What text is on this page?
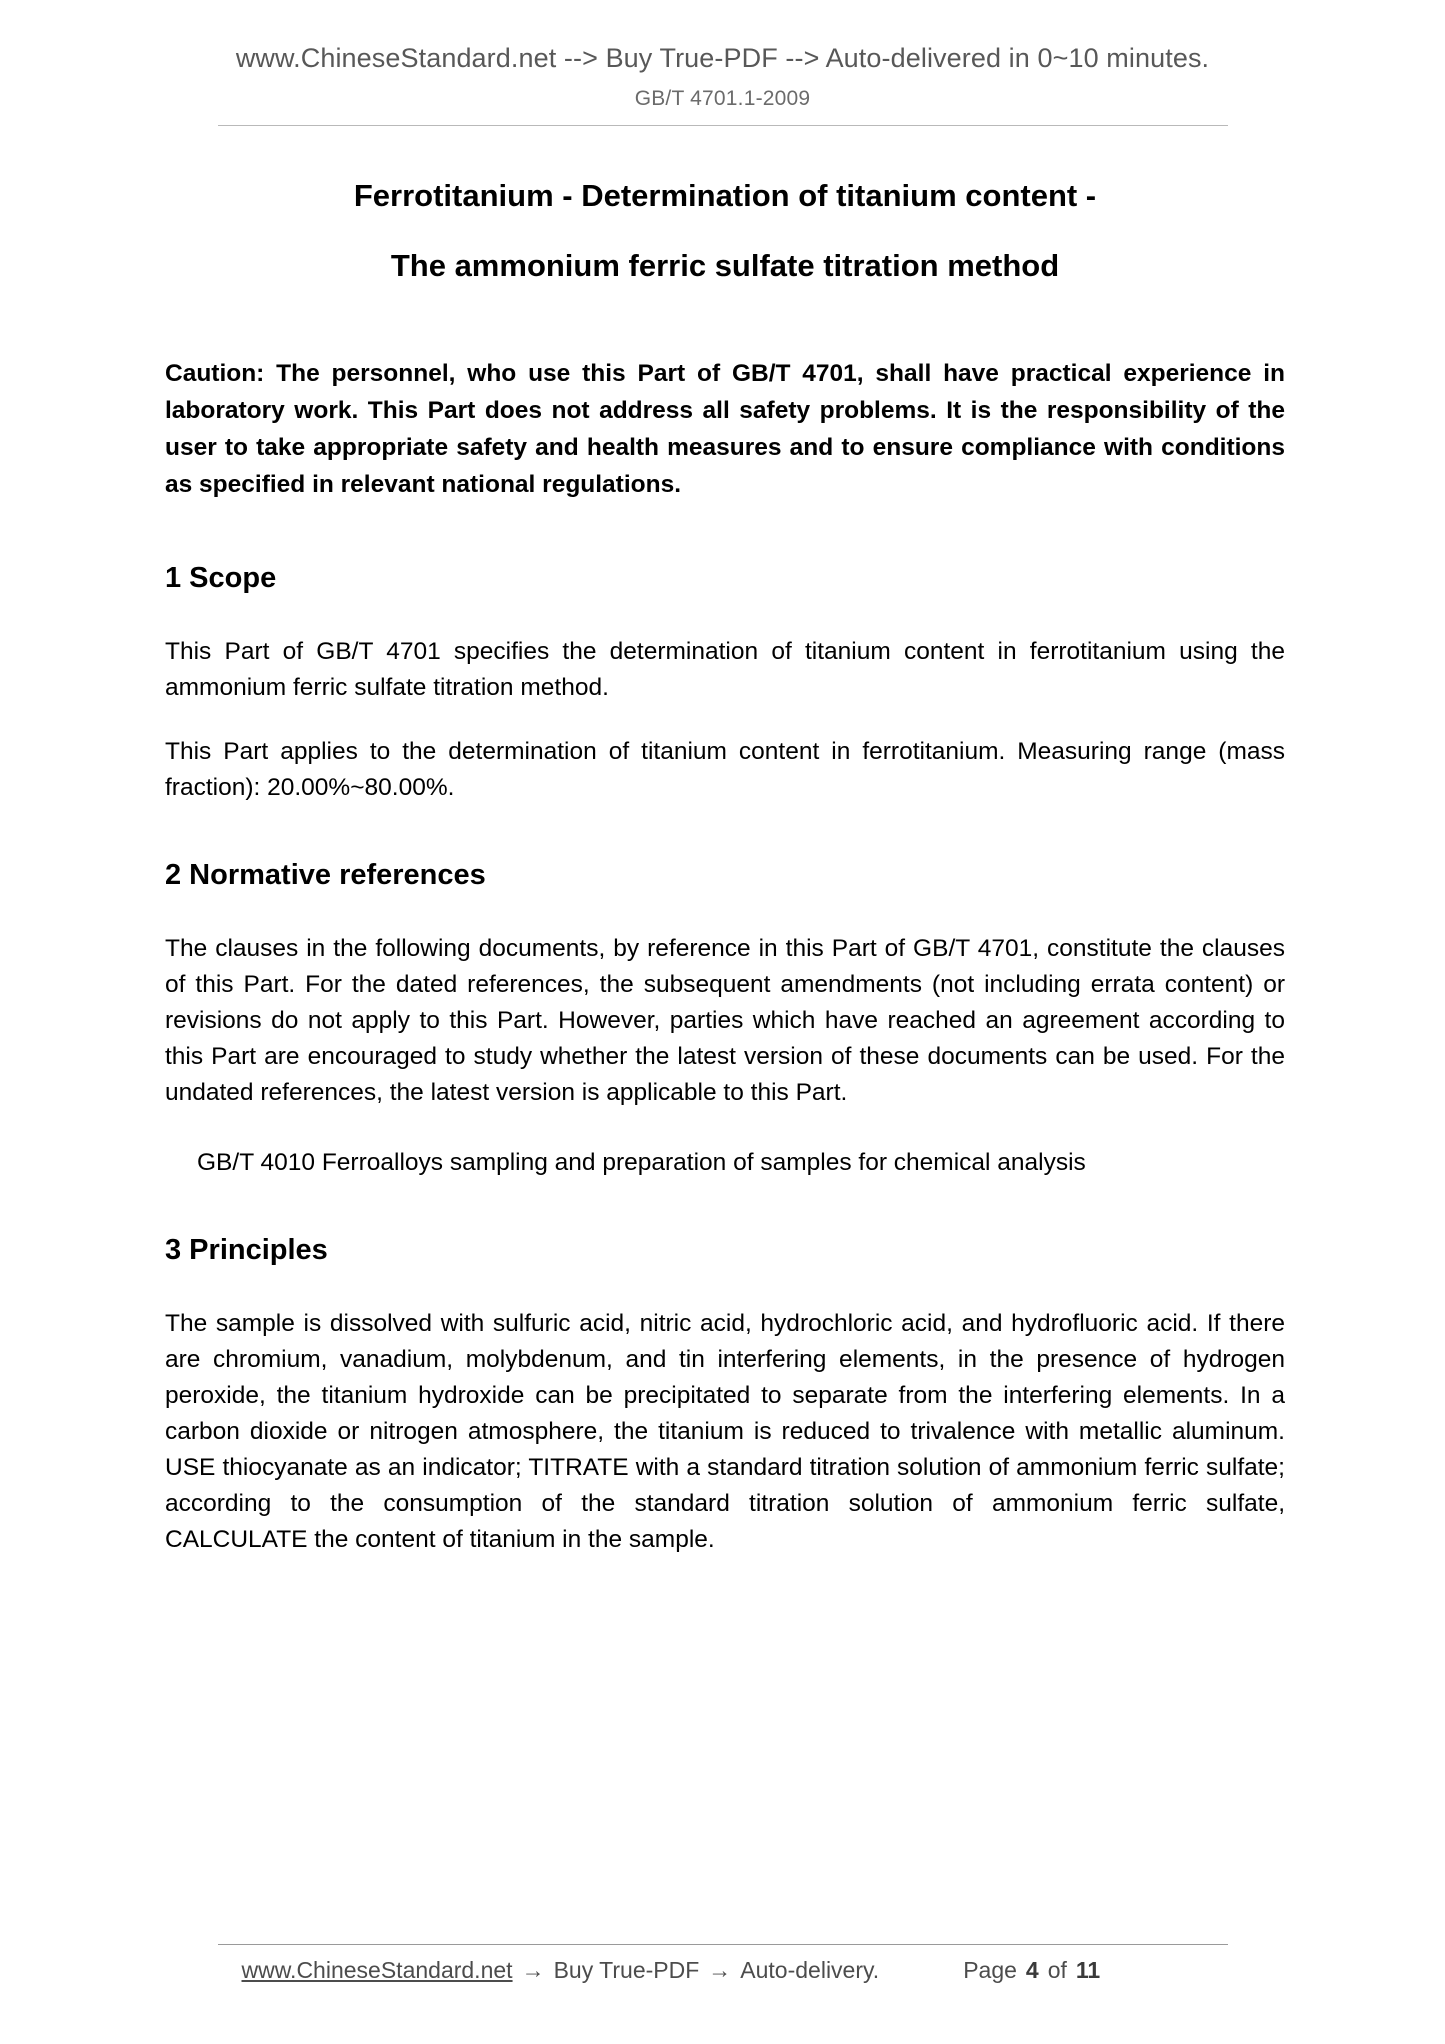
www.ChineseStandard.net --> Buy True-PDF --> Auto-delivered in 0~10 minutes.
GB/T 4701.1-2009
Ferrotitanium - Determination of titanium content -
The ammonium ferric sulfate titration method

Caution: The personnel, who use this Part of GB/T 4701, shall have practical experience in laboratory work. This Part does not address all safety problems. It is the responsibility of the user to take appropriate safety and health measures and to ensure compliance with conditions as specified in relevant national regulations.

1 Scope

This Part of GB/T 4701 specifies the determination of titanium content in ferrotitanium using the ammonium ferric sulfate titration method.

This Part applies to the determination of titanium content in ferrotitanium. Measuring range (mass fraction): 20.00%~80.00%.

2 Normative references

The clauses in the following documents, by reference in this Part of GB/T 4701, constitute the clauses of this Part. For the dated references, the subsequent amendments (not including errata content) or revisions do not apply to this Part. However, parties which have reached an agreement according to this Part are encouraged to study whether the latest version of these documents can be used. For the undated references, the latest version is applicable to this Part.

GB/T 4010 Ferroalloys sampling and preparation of samples for chemical analysis

3 Principles

The sample is dissolved with sulfuric acid, nitric acid, hydrochloric acid, and hydrofluoric acid. If there are chromium, vanadium, molybdenum, and tin interfering elements, in the presence of hydrogen peroxide, the titanium hydroxide can be precipitated to separate from the interfering elements. In a carbon dioxide or nitrogen atmosphere, the titanium is reduced to trivalence with metallic aluminum. USE thiocyanate as an indicator; TITRATE with a standard titration solution of ammonium ferric sulfate; according to the consumption of the standard titration solution of ammonium ferric sulfate, CALCULATE the content of titanium in the sample.

www.ChineseStandard.net → Buy True-PDF → Auto-delivery.	Page 4 of 11
